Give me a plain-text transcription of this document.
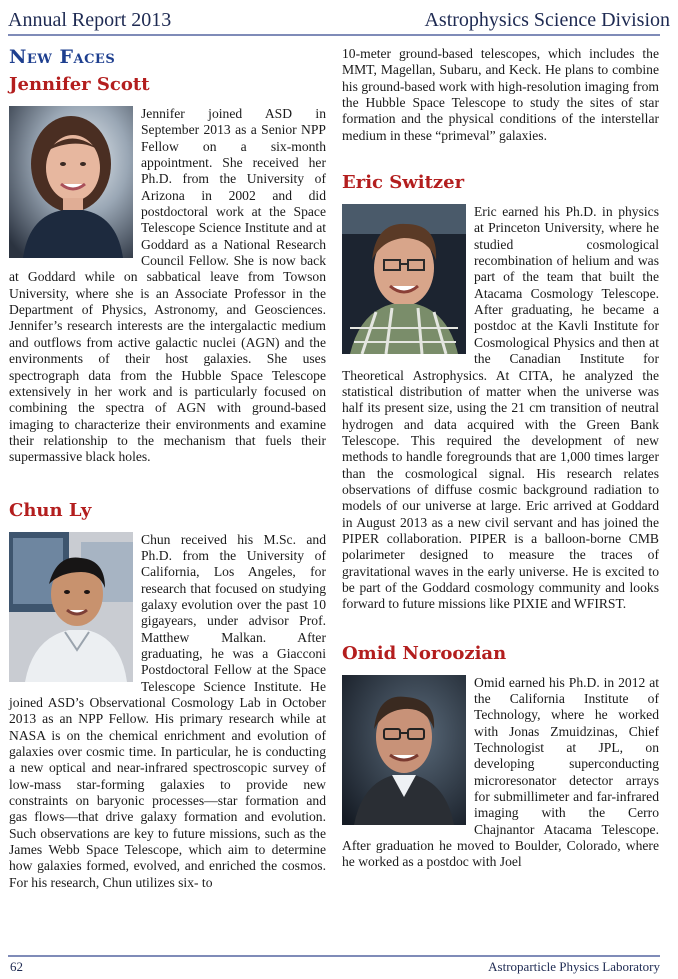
Annual Report 2013	Astrophysics Science Division
New Faces
Jennifer Scott

Jennifer joined ASD in September 2013 as a Senior NPP Fellow on a six-month appointment. She received her Ph.D. from the University of Arizona in 2002 and did postdoctoral work at the Space Telescope Science Institute and at Goddard as a National Research Council Fellow. She is now back at Goddard while on sabbatical leave from Towson University, where she is an Associate Professor in the Department of Physics, Astronomy, and Geosciences. Jennifer’s research interests are the intergalactic medium and outflows from active galactic nuclei (AGN) and the environments of their host galaxies. She uses spectrograph data from the Hubble Space Telescope extensively in her work and is particularly focused on combining the spectra of AGN with ground-based imaging to characterize their environments and examine their relationship to the mechanism that fuels their supermassive black holes.

Chun Ly

Chun received his M.Sc. and Ph.D. from the University of California, Los Angeles, for research that focused on studying galaxy evolution over the past 10 gigayears, under advisor Prof. Matthew Malkan. After graduating, he was a Giacconi Postdoctoral Fellow at the Space Telescope Science Institute. He joined ASD’s Observational Cosmology Lab in October 2013 as an NPP Fellow. His primary research while at NASA is on the chemical enrichment and evolution of galaxies over cosmic time. In particular, he is conducting a new optical and near-infrared spectroscopic survey of low-mass star-forming galaxies to provide new constraints on baryonic processes—star formation and gas flows—that drive galaxy formation and evolution. Such observations are key to future missions, such as the James Webb Space Telescope, which aim to determine how galaxies formed, evolved, and enriched the cosmos. For his research, Chun utilizes six- to

10-meter ground-based telescopes, which includes the MMT, Magellan, Subaru, and Keck. He plans to combine his ground-based work with high-resolution imaging from the Hubble Space Telescope to study the sites of star formation and the physical conditions of the interstellar medium in these “primeval” galaxies.

Eric Switzer

Eric earned his Ph.D. in physics at Princeton University, where he studied cosmological recombination of helium and was part of the team that built the Atacama Cosmology Telescope. After graduating, he became a postdoc at the Kavli Institute for Cosmological Physics and then at the Canadian Institute for Theoretical Astrophysics. At CITA, he analyzed the statistical distribution of matter when the universe was half its present size, using the 21 cm transition of neutral hydrogen and data acquired with the Green Bank Telescope. This required the development of new methods to handle foregrounds that are 1,000 times larger than the cosmological signal. His research relates observations of diffuse cosmic background radiation to models of our universe at large. Eric arrived at Goddard in August 2013 as a new civil servant and has joined the PIPER collaboration. PIPER is a balloon-borne CMB polarimeter designed to measure the traces of gravitational waves in the early universe. He is excited to be part of the Goddard cosmology community and looks forward to future missions like PIXIE and WFIRST.

Omid Noroozian

Omid earned his Ph.D. in 2012 at the California Institute of Technology, where he worked with Jonas Zmuidzinas, Chief Technologist at JPL, on developing superconducting microresonator detector arrays for submillimeter and far-infrared imaging with the Cerro Chajnantor Atacama Telescope. After graduation he moved to Boulder, Colorado, where he worked as a postdoc with Joel

62	Astroparticle Physics Laboratory
